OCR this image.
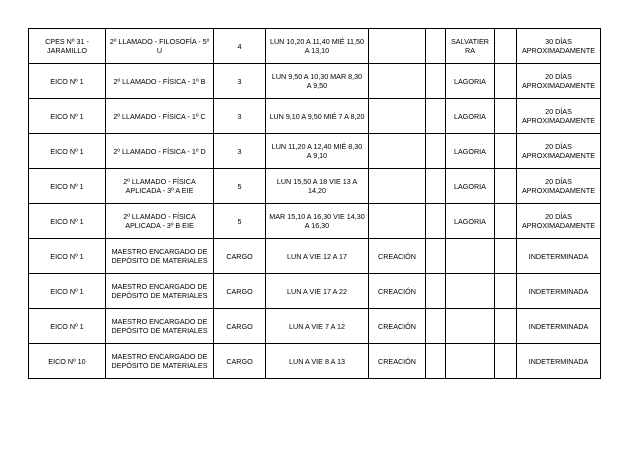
CPES Nº 31 - JARAMILLO	2º LLAMADO - FILOSOFÍA - 5º U	4	LUN 10,20 A 11,40 MIÉ 11,50 A 13,10			SALVATIERRA		30 DÍAS APROXIMADAMENTE
EICO Nº 1	2º LLAMADO - FÍSICA - 1º B	3	LUN 9,50 A 10,30 MAR 8,30 A 9,50			LAGORIA		20 DÍAS APROXIMADAMENTE
EICO Nº 1	2º LLAMADO - FÍSICA - 1º C	3	LUN 9,10 A 9,50 MIÉ 7 A 8,20			LAGORIA		20 DÍAS APROXIMADAMENTE
EICO Nº 1	2º LLAMADO - FÍSICA - 1º D	3	LUN 11,20 A 12,40 MIÉ 8,30 A 9,10			LAGORIA		20 DÍAS APROXIMADAMENTE
EICO Nº 1	2º LLAMADO - FÍSICA APLICADA - 3º A EIE	5	LUN 15,50 A 18 VIE 13 A 14,20			LAGORIA		20 DÍAS APROXIMADAMENTE
EICO Nº 1	2º LLAMADO - FÍSICA APLICADA - 3º B EIE	5	MAR 15,10 A 16,30 VIE 14,30 A 16,30			LAGORIA		20 DÍAS APROXIMADAMENTE
EICO Nº 1	MAESTRO ENCARGADO DE DEPÓSITO DE MATERIALES	CARGO	LUN A VIE 12 A 17	CREACIÓN				INDETERMINADA
EICO Nº 1	MAESTRO ENCARGADO DE DEPÓSITO DE MATERIALES	CARGO	LUN A VIE 17 A 22	CREACIÓN				INDETERMINADA
EICO Nº 1	MAESTRO ENCARGADO DE DEPÓSITO DE MATERIALES	CARGO	LUN A VIE 7 A 12	CREACIÓN				INDETERMINADA
EICO Nº 10	MAESTRO ENCARGADO DE DEPÓSITO DE MATERIALES	CARGO	LUN A VIE 8 A 13	CREACIÓN				INDETERMINADA
